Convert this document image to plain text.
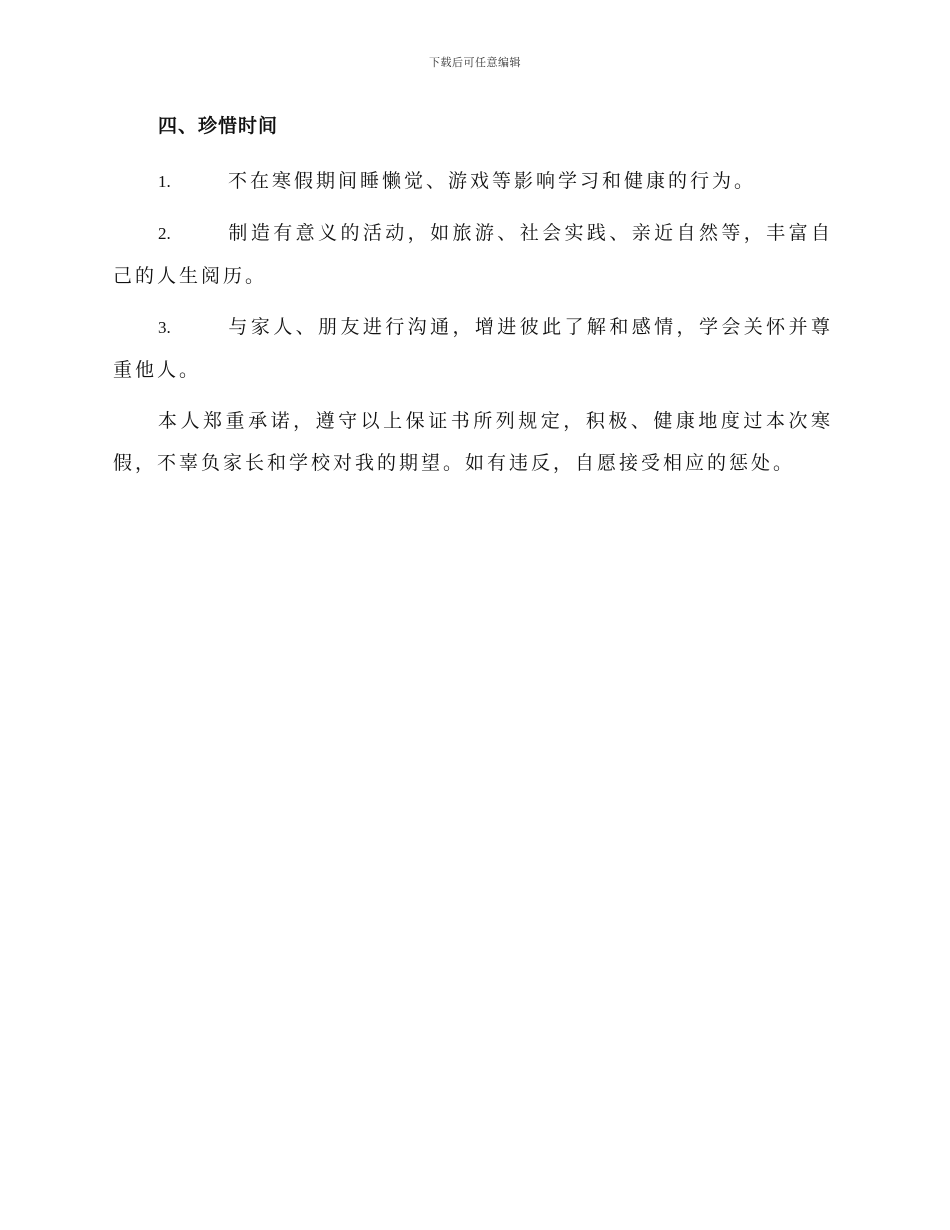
下载后可任意编辑
四、珍惜时间

1.	不在寒假期间睡懒觉、游戏等影响学习和健康的行为。

2.	制造有意义的活动，如旅游、社会实践、亲近自然等，丰富自己的人生阅历。

3.	与家人、朋友进行沟通，增进彼此了解和感情，学会关怀并尊重他人。

本人郑重承诺，遵守以上保证书所列规定，积极、健康地度过本次寒假，不辜负家长和学校对我的期望。如有违反，自愿接受相应的惩处。
